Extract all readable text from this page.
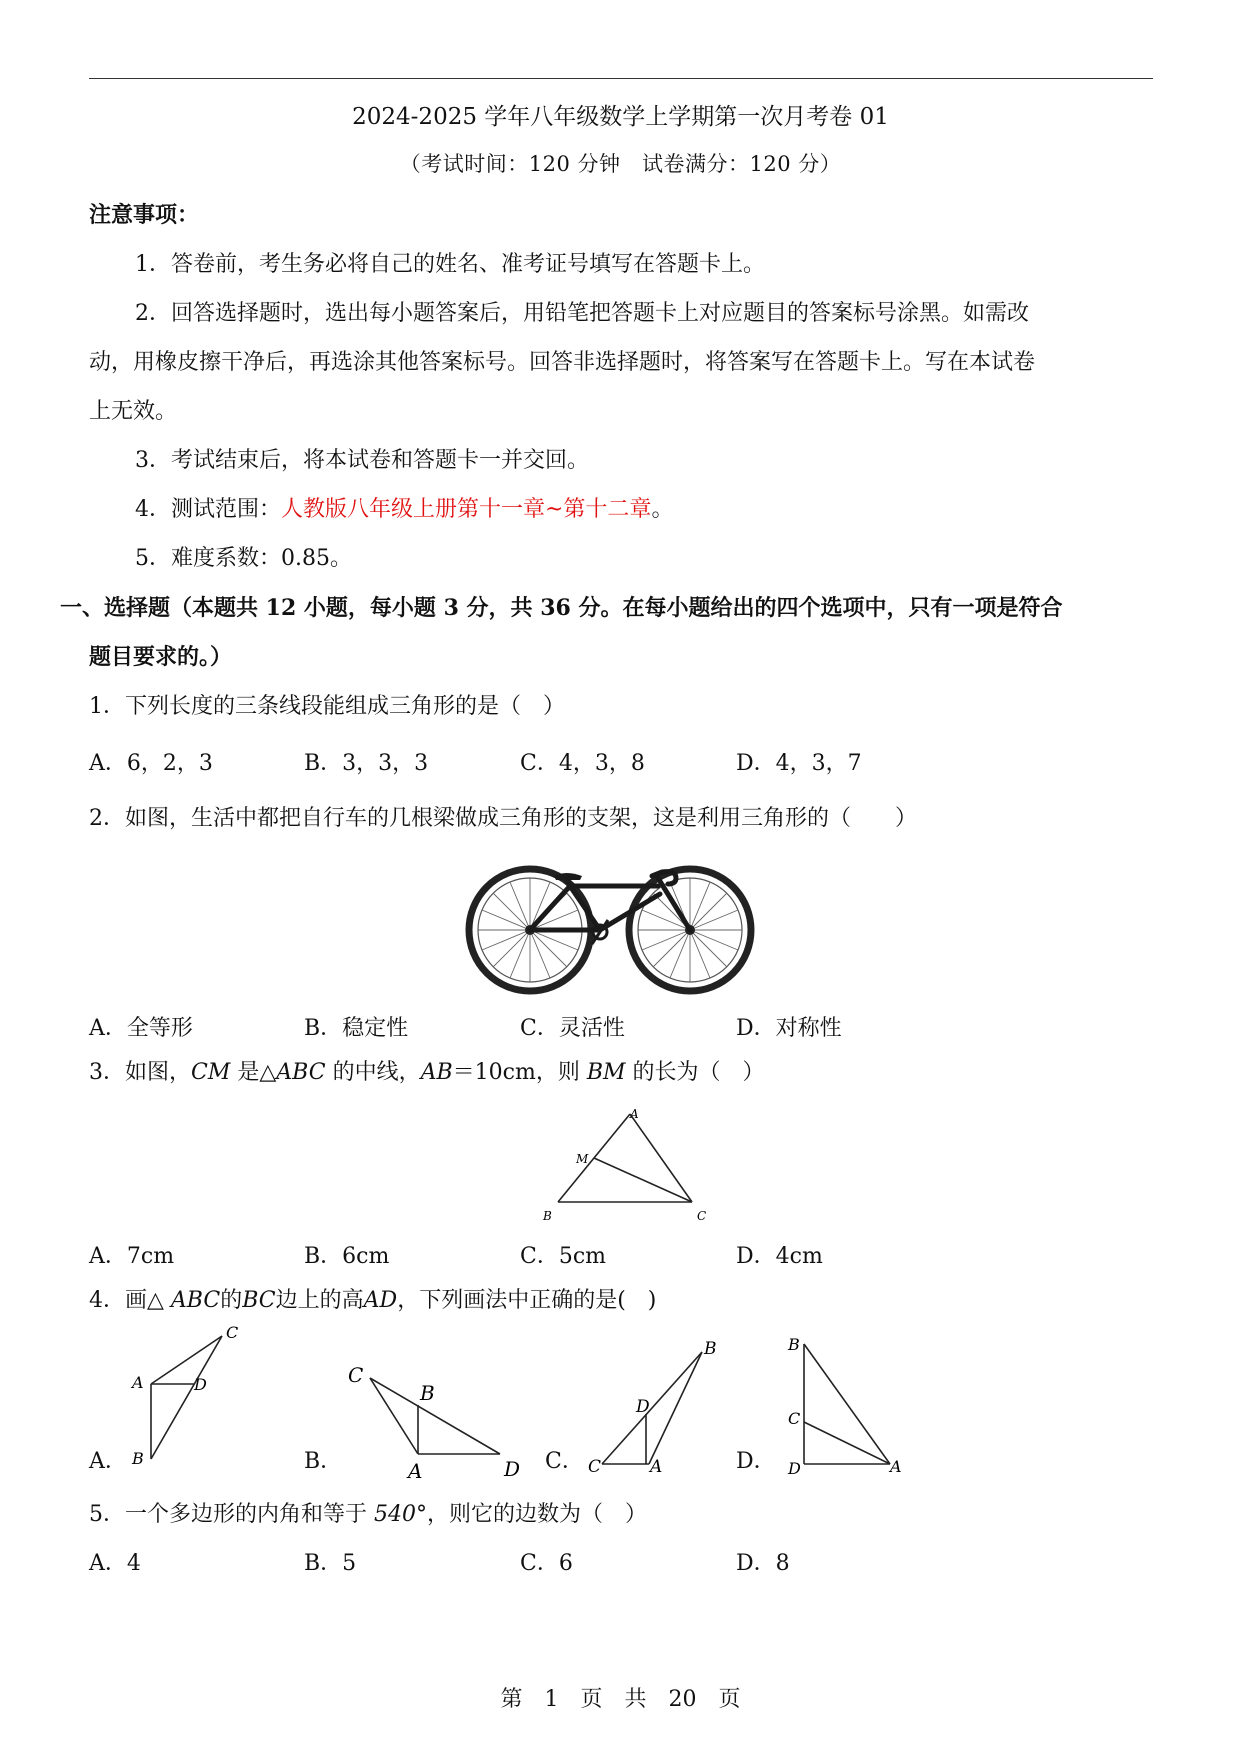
2024-2025 学年八年级数学上学期第一次月考卷 01
（考试时间：120 分钟　试卷满分：120 分）
注意事项：
1．答卷前，考生务必将自己的姓名、准考证号填写在答题卡上。
2．回答选择题时，选出每小题答案后，用铅笔把答题卡上对应题目的答案标号涂黑。如需改
动，用橡皮擦干净后，再选涂其他答案标号。回答非选择题时，将答案写在答题卡上。写在本试卷
上无效。
3．考试结束后，将本试卷和答题卡一并交回。
4．测试范围：人教版八年级上册第十一章~第十二章。
5．难度系数：0.85。
一、选择题（本题共 12 小题，每小题 3 分，共 36 分。在每小题给出的四个选项中，只有一项是符合
题目要求的。）
1．下列长度的三条线段能组成三角形的是（　）
A．6，2，3	B．3，3，3	C．4，3，8	D．4，3，7
2．如图，生活中都把自行车的几根梁做成三角形的支架，这是利用三角形的（　　）
A．全等形	B．稳定性	C．灵活性	D．对称性
3．如图，CM 是△ABC 的中线，AB＝10cm，则 BM 的长为（　）
A
M
B	C
A．7cm	B．6cm	C．5cm	D．4cm
4．画△ ABC的BC边上的高AD，下列画法中正确的是(　)
A．	B．	C．	D．
C
A	D
B
C
B
A	D
B
D
C	A
B
C
D	A
5．一个多边形的内角和等于 540°，则它的边数为（　）
A．4	B．5	C．6	D．8
第　1　页　共　20　页
